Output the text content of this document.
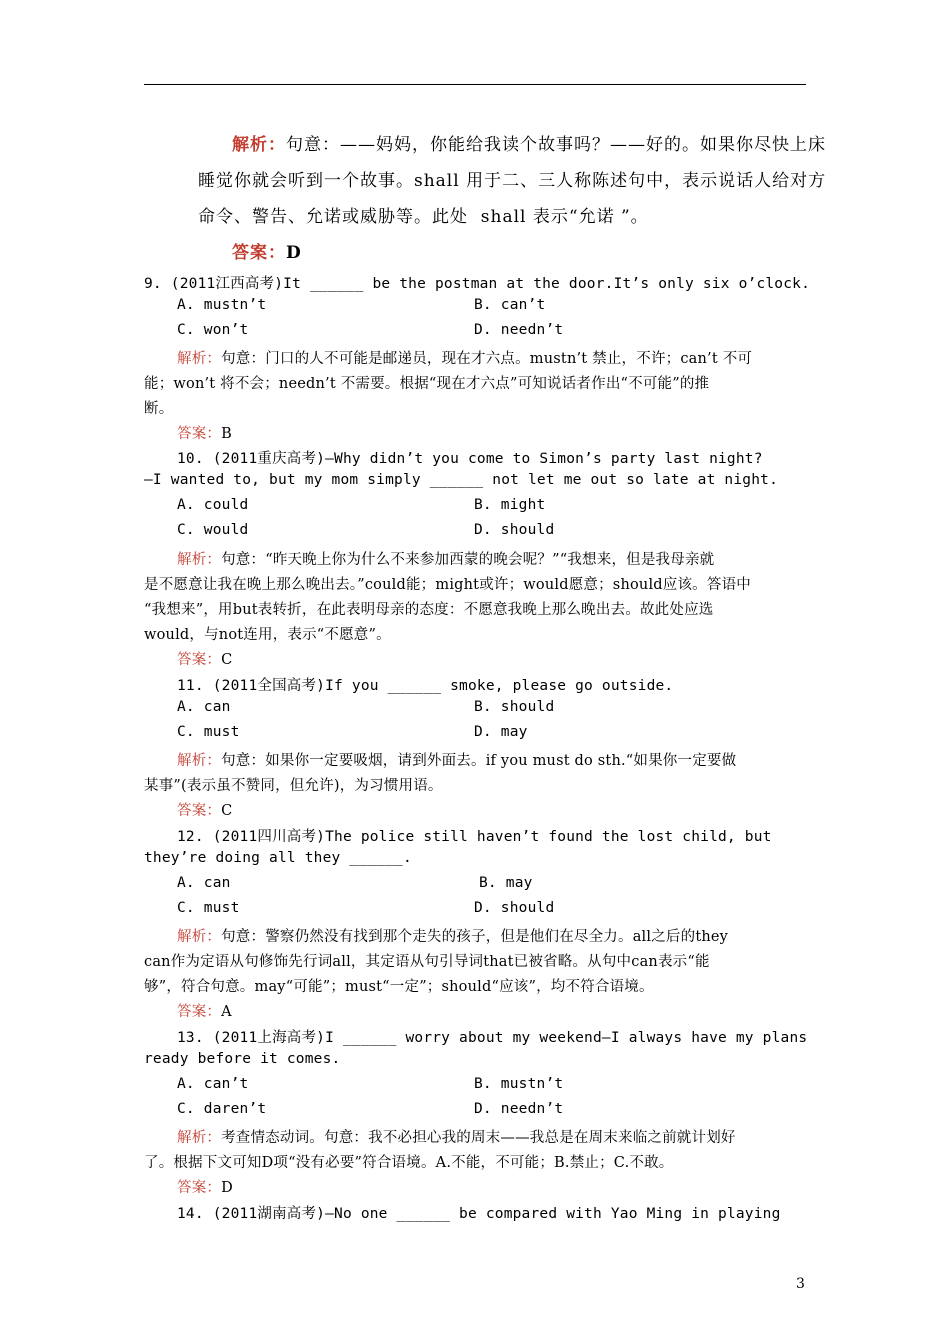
解析：句意：——妈妈，你能给我读个故事吗？——好的。如果你尽快上床
睡觉你就会听到一个故事。shall 用于二、三人称陈述句中，表示说话人给对方
命令、警告、允诺或威胁等。此处  shall 表示“允诺 ”。
答案：D
9. (2011江西高考)It ______ be the postman at the door.It’s only six o’clock.
A. mustn’t	B. can’t
C. won’t	D. needn’t
解析：句意：门口的人不可能是邮递员，现在才六点。mustn’t 禁止，不许；can’t 不可
能；won’t 将不会；needn’t 不需要。根据“现在才六点”可知说话者作出“不可能”的推
断。
答案：B
10. (2011重庆高考)—Why didn’t you come to Simon’s party last night?
—I wanted to, but my mom simply ______ not let me out so late at night.
A. could	B. might
C. would	D. should
解析：句意：“昨天晚上你为什么不来参加西蒙的晚会呢？”“我想来，但是我母亲就
是不愿意让我在晚上那么晚出去。”could能；might或许；would愿意；should应该。答语中
“我想来”，用but表转折，在此表明母亲的态度：不愿意我晚上那么晚出去。故此处应选
would，与not连用，表示“不愿意”。
答案：C
11. (2011全国高考)If you ______ smoke, please go outside.
A. can	B. should
C. must	D. may
解析：句意：如果你一定要吸烟，请到外面去。if you must do sth.“如果你一定要做
某事”(表示虽不赞同，但允许)，为习惯用语。
答案：C
12. (2011四川高考)The police still haven’t found the lost child, but
they’re doing all they ______.
A. can	B. may
C. must	D. should
解析：句意：警察仍然没有找到那个走失的孩子，但是他们在尽全力。all之后的they
can作为定语从句修饰先行词all，其定语从句引导词that已被省略。从句中can表示“能
够”，符合句意。may“可能”；must“一定”；should“应该”，均不符合语境。
答案：A
13. (2011上海高考)I ______ worry about my weekend—I always have my plans
ready before it comes.
A. can’t	B. mustn’t
C. daren’t	D. needn’t
解析：考查情态动词。句意：我不必担心我的周末——我总是在周末来临之前就计划好
了。根据下文可知D项“没有必要”符合语境。A.不能，不可能；B.禁止；C.不敢。
答案：D
14. (2011湖南高考)—No one ______ be compared with Yao Ming in playing
3
